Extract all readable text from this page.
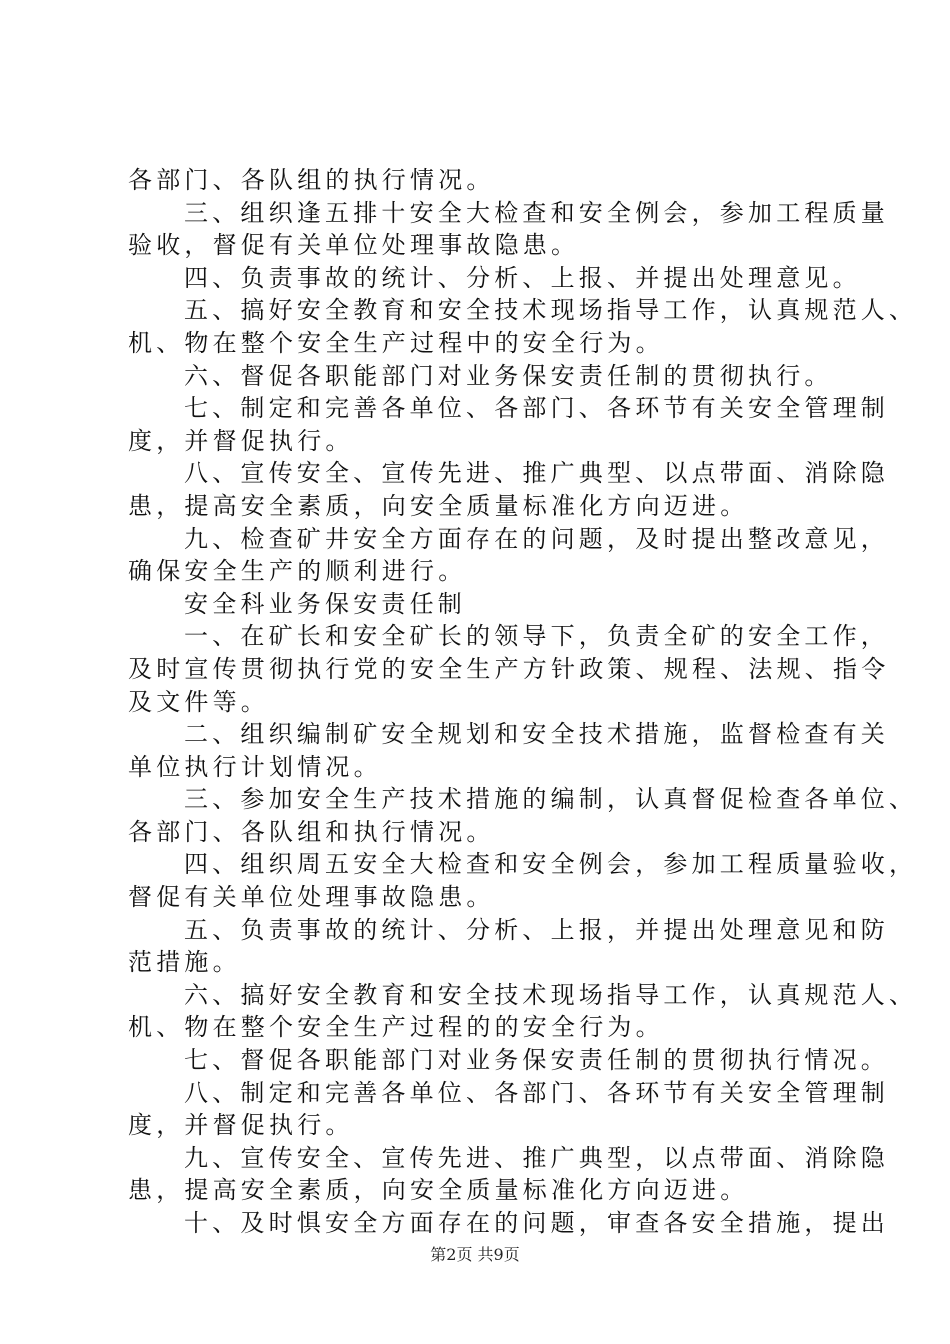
各部门、各队组的执行情况。
三、组织逢五排十安全大检查和安全例会，参加工程质量
验收，督促有关单位处理事故隐患。
四、负责事故的统计、分析、上报、并提出处理意见。
五、搞好安全教育和安全技术现场指导工作，认真规范人、
机、物在整个安全生产过程中的安全行为。
六、督促各职能部门对业务保安责任制的贯彻执行。
七、制定和完善各单位、各部门、各环节有关安全管理制
度，并督促执行。
八、宣传安全、宣传先进、推广典型、以点带面、消除隐
患，提高安全素质，向安全质量标准化方向迈进。
九、检查矿井安全方面存在的问题，及时提出整改意见，
确保安全生产的顺利进行。
安全科业务保安责任制
一、在矿长和安全矿长的领导下，负责全矿的安全工作，
及时宣传贯彻执行党的安全生产方针政策、规程、法规、指令
及文件等。
二、组织编制矿安全规划和安全技术措施，监督检查有关
单位执行计划情况。
三、参加安全生产技术措施的编制，认真督促检查各单位、
各部门、各队组和执行情况。
四、组织周五安全大检查和安全例会，参加工程质量验收，
督促有关单位处理事故隐患。
五、负责事故的统计、分析、上报，并提出处理意见和防
范措施。
六、搞好安全教育和安全技术现场指导工作，认真规范人、
机、物在整个安全生产过程的的安全行为。
七、督促各职能部门对业务保安责任制的贯彻执行情况。
八、制定和完善各单位、各部门、各环节有关安全管理制
度，并督促执行。
九、宣传安全、宣传先进、推广典型，以点带面、消除隐
患，提高安全素质，向安全质量标准化方向迈进。
十、及时惧安全方面存在的问题，审查各安全措施，提出
第2页 共9页
